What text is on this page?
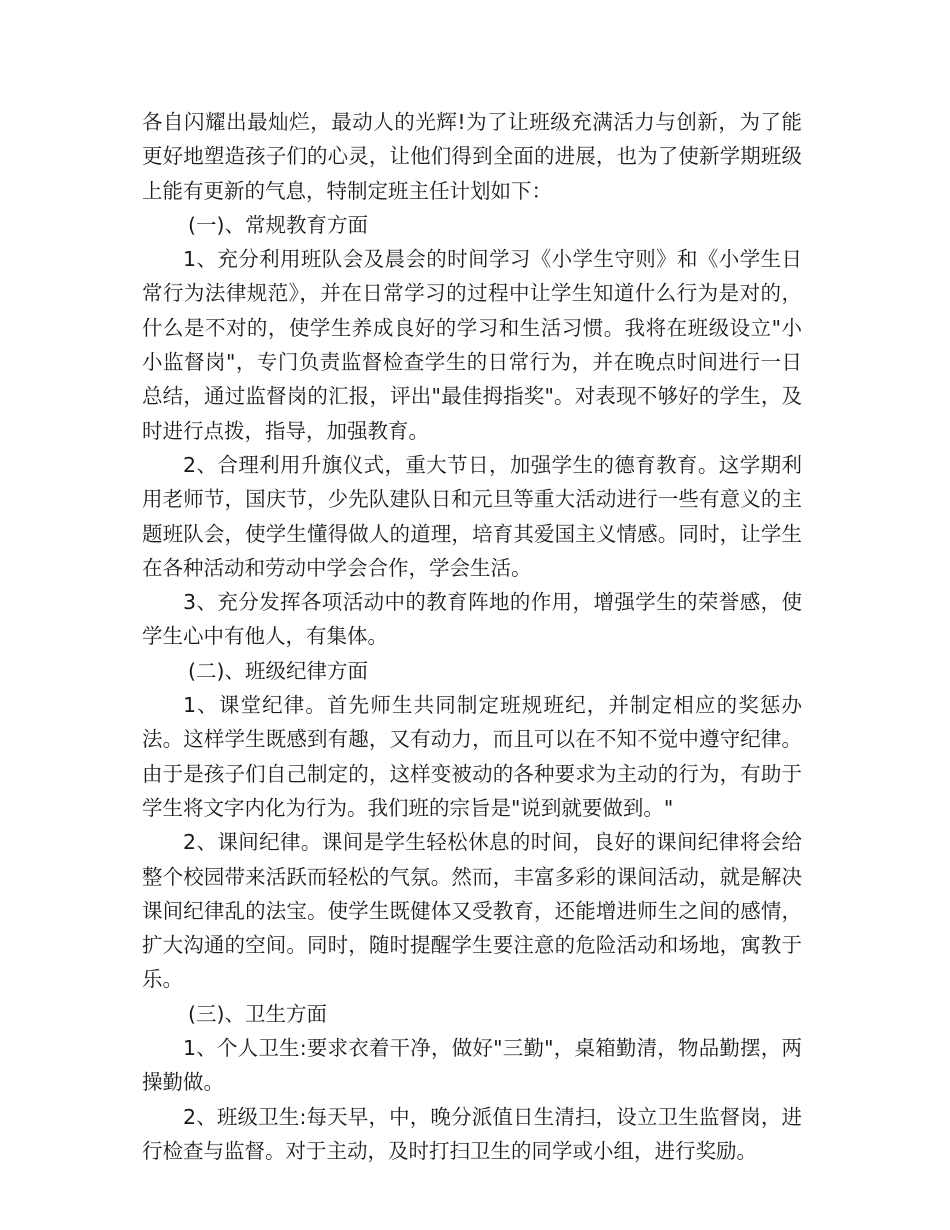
各自闪耀出最灿烂，最动人的光辉!为了让班级充满活力与创新，为了能更好地塑造孩子们的心灵，让他们得到全面的进展，也为了使新学期班级上能有更新的气息，特制定班主任计划如下：

(一)、常规教育方面

1、充分利用班队会及晨会的时间学习《小学生守则》和《小学生日常行为法律规范》，并在日常学习的过程中让学生知道什么行为是对的，什么是不对的，使学生养成良好的学习和生活习惯。我将在班级设立"小小监督岗"，专门负责监督检查学生的日常行为，并在晚点时间进行一日总结，通过监督岗的汇报，评出"最佳拇指奖"。对表现不够好的学生，及时进行点拨，指导，加强教育。

2、合理利用升旗仪式，重大节日，加强学生的德育教育。这学期利用老师节，国庆节，少先队建队日和元旦等重大活动进行一些有意义的主题班队会，使学生懂得做人的道理，培育其爱国主义情感。同时，让学生在各种活动和劳动中学会合作，学会生活。

3、充分发挥各项活动中的教育阵地的作用，增强学生的荣誉感，使学生心中有他人，有集体。

(二)、班级纪律方面

1、课堂纪律。首先师生共同制定班规班纪，并制定相应的奖惩办法。这样学生既感到有趣，又有动力，而且可以在不知不觉中遵守纪律。由于是孩子们自己制定的，这样变被动的各种要求为主动的行为，有助于学生将文字内化为行为。我们班的宗旨是"说到就要做到。"

2、课间纪律。课间是学生轻松休息的时间，良好的课间纪律将会给整个校园带来活跃而轻松的气氛。然而，丰富多彩的课间活动，就是解决课间纪律乱的法宝。使学生既健体又受教育，还能增进师生之间的感情，扩大沟通的空间。同时，随时提醒学生要注意的危险活动和场地，寓教于乐。

(三)、卫生方面

1、个人卫生:要求衣着干净，做好"三勤"，桌箱勤清，物品勤摆，两操勤做。

2、班级卫生:每天早，中，晚分派值日生清扫，设立卫生监督岗，进行检查与监督。对于主动，及时打扫卫生的同学或小组，进行奖励。
